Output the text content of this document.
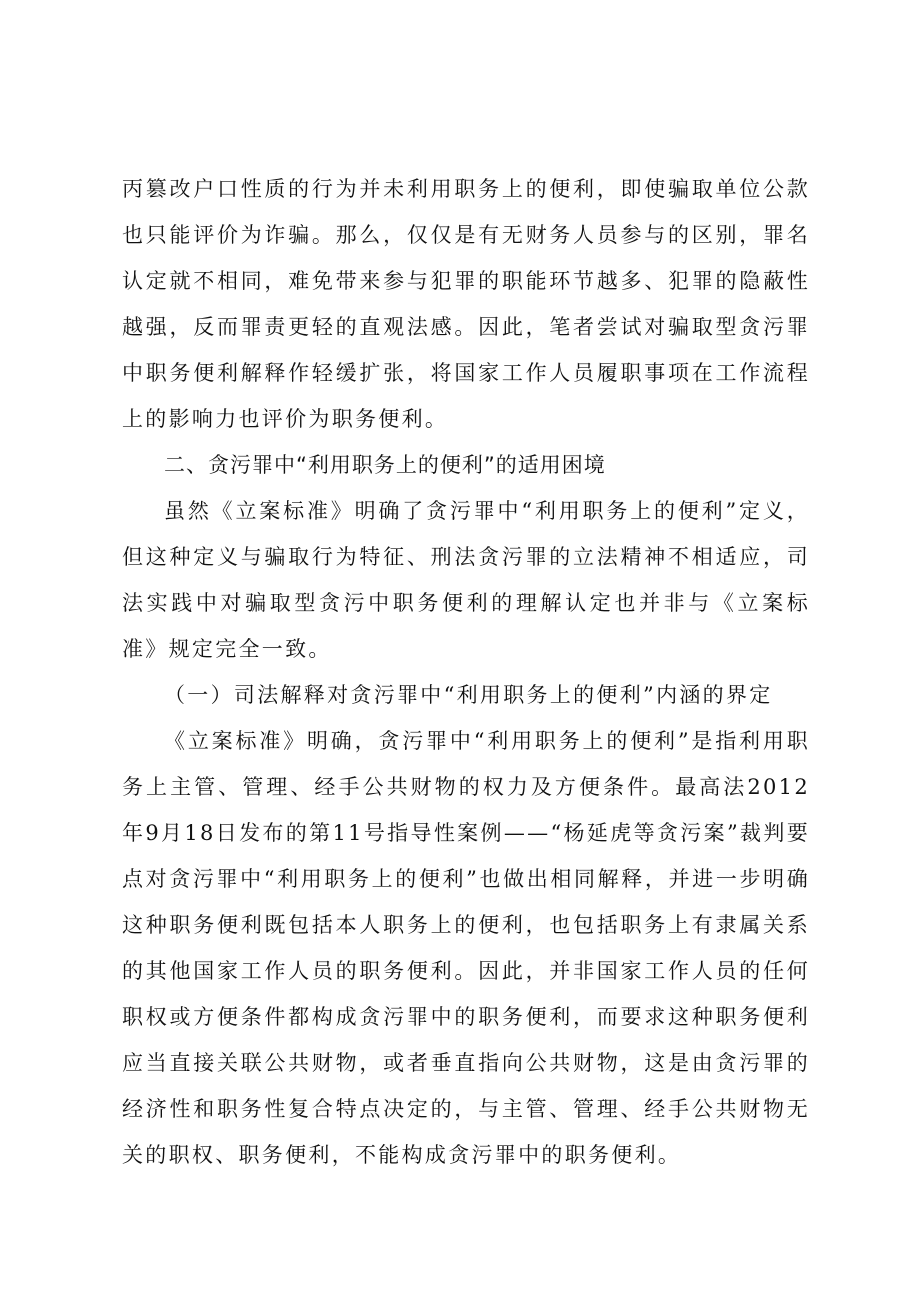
丙篡改户口性质的行为并未利用职务上的便利，即使骗取单位公款也只能评价为诈骗。那么，仅仅是有无财务人员参与的区别，罪名认定就不相同，难免带来参与犯罪的职能环节越多、犯罪的隐蔽性越强，反而罪责更轻的直观法感。因此，笔者尝试对骗取型贪污罪中职务便利解释作轻缓扩张，将国家工作人员履职事项在工作流程上的影响力也评价为职务便利。

二、贪污罪中“利用职务上的便利”的适用困境

虽然《立案标准》明确了贪污罪中“利用职务上的便利”定义，但这种定义与骗取行为特征、刑法贪污罪的立法精神不相适应，司法实践中对骗取型贪污中职务便利的理解认定也并非与《立案标准》规定完全一致。

（一）司法解释对贪污罪中“利用职务上的便利”内涵的界定

《立案标准》明确，贪污罪中“利用职务上的便利”是指利用职务上主管、管理、经手公共财物的权力及方便条件。最高法2012年9月18日发布的第11号指导性案例——“杨延虎等贪污案”裁判要点对贪污罪中“利用职务上的便利”也做出相同解释，并进一步明确这种职务便利既包括本人职务上的便利，也包括职务上有隶属关系的其他国家工作人员的职务便利。因此，并非国家工作人员的任何职权或方便条件都构成贪污罪中的职务便利，而要求这种职务便利应当直接关联公共财物，或者垂直指向公共财物，这是由贪污罪的经济性和职务性复合特点决定的，与主管、管理、经手公共财物无关的职权、职务便利，不能构成贪污罪中的职务便利。
